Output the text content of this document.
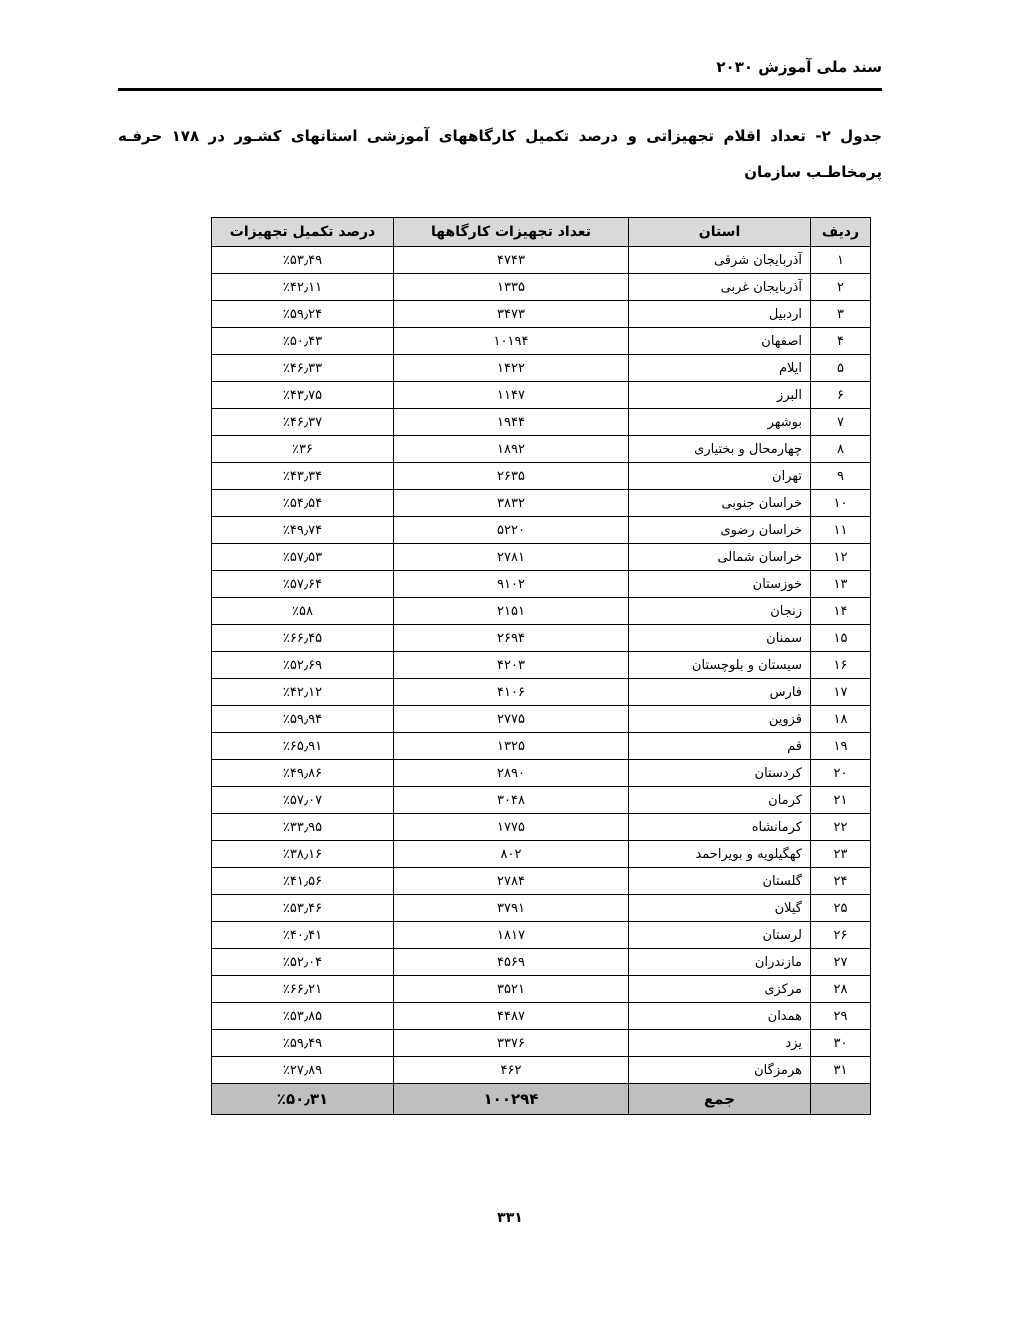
سند ملی آموزش ۲۰۳۰
جدول ۲- تعداد اقلام تجهیزاتی و درصد تکمیل کارگاههای آموزشی استانهای کشـور در ۱۷۸ حرفـه پرمخاطـب سازمان
ردیف	استان	تعداد تجهیزات کارگاهها	درصد تکمیل تجهیزات
۱	آذربایجان شرقی	۴۷۴۳	٪۵۳٫۴۹
۲	آذربایجان غربی	۱۳۳۵	٪۴۲٫۱۱
۳	اردبیل	۳۴۷۳	٪۵۹٫۲۴
۴	اصفهان	۱۰۱۹۴	٪۵۰٫۴۳
۵	ایلام	۱۴۲۲	٪۴۶٫۳۳
۶	البرز	۱۱۴۷	٪۴۳٫۷۵
۷	بوشهر	۱۹۴۴	٪۴۶٫۳۷
۸	چهارمحال و بختیاری	۱۸۹۲	٪۳۶
۹	تهران	۲۶۳۵	٪۴۳٫۳۴
۱۰	خراسان جنوبی	۳۸۳۲	٪۵۴٫۵۴
۱۱	خراسان رضوی	۵۲۲۰	٪۴۹٫۷۴
۱۲	خراسان شمالی	۲۷۸۱	٪۵۷٫۵۳
۱۳	خوزستان	۹۱۰۲	٪۵۷٫۶۴
۱۴	زنجان	۲۱۵۱	٪۵۸
۱۵	سمنان	۲۶۹۴	٪۶۶٫۴۵
۱۶	سیستان و بلوچستان	۴۲۰۳	٪۵۲٫۶۹
۱۷	فارس	۴۱۰۶	٪۴۲٫۱۲
۱۸	قزوین	۲۷۷۵	٪۵۹٫۹۴
۱۹	قم	۱۳۲۵	٪۶۵٫۹۱
۲۰	کردستان	۲۸۹۰	٪۴۹٫۸۶
۲۱	کرمان	۳۰۴۸	٪۵۷٫۰۷
۲۲	کرمانشاه	۱۷۷۵	٪۳۳٫۹۵
۲۳	کهگیلویه و بویراحمد	۸۰۲	٪۳۸٫۱۶
۲۴	گلستان	۲۷۸۴	٪۴۱٫۵۶
۲۵	گیلان	۳۷۹۱	٪۵۳٫۴۶
۲۶	لرستان	۱۸۱۷	٪۴۰٫۴۱
۲۷	مازندران	۴۵۶۹	٪۵۲٫۰۴
۲۸	مرکزی	۳۵۲۱	٪۶۶٫۲۱
۲۹	همدان	۴۴۸۷	٪۵۳٫۸۵
۳۰	یزد	۳۳۷۶	٪۵۹٫۴۹
۳۱	هرمزگان	۴۶۲	٪۲۷٫۸۹
	جمع	۱۰۰۲۹۴	٪۵۰٫۳۱
۳۳۱
